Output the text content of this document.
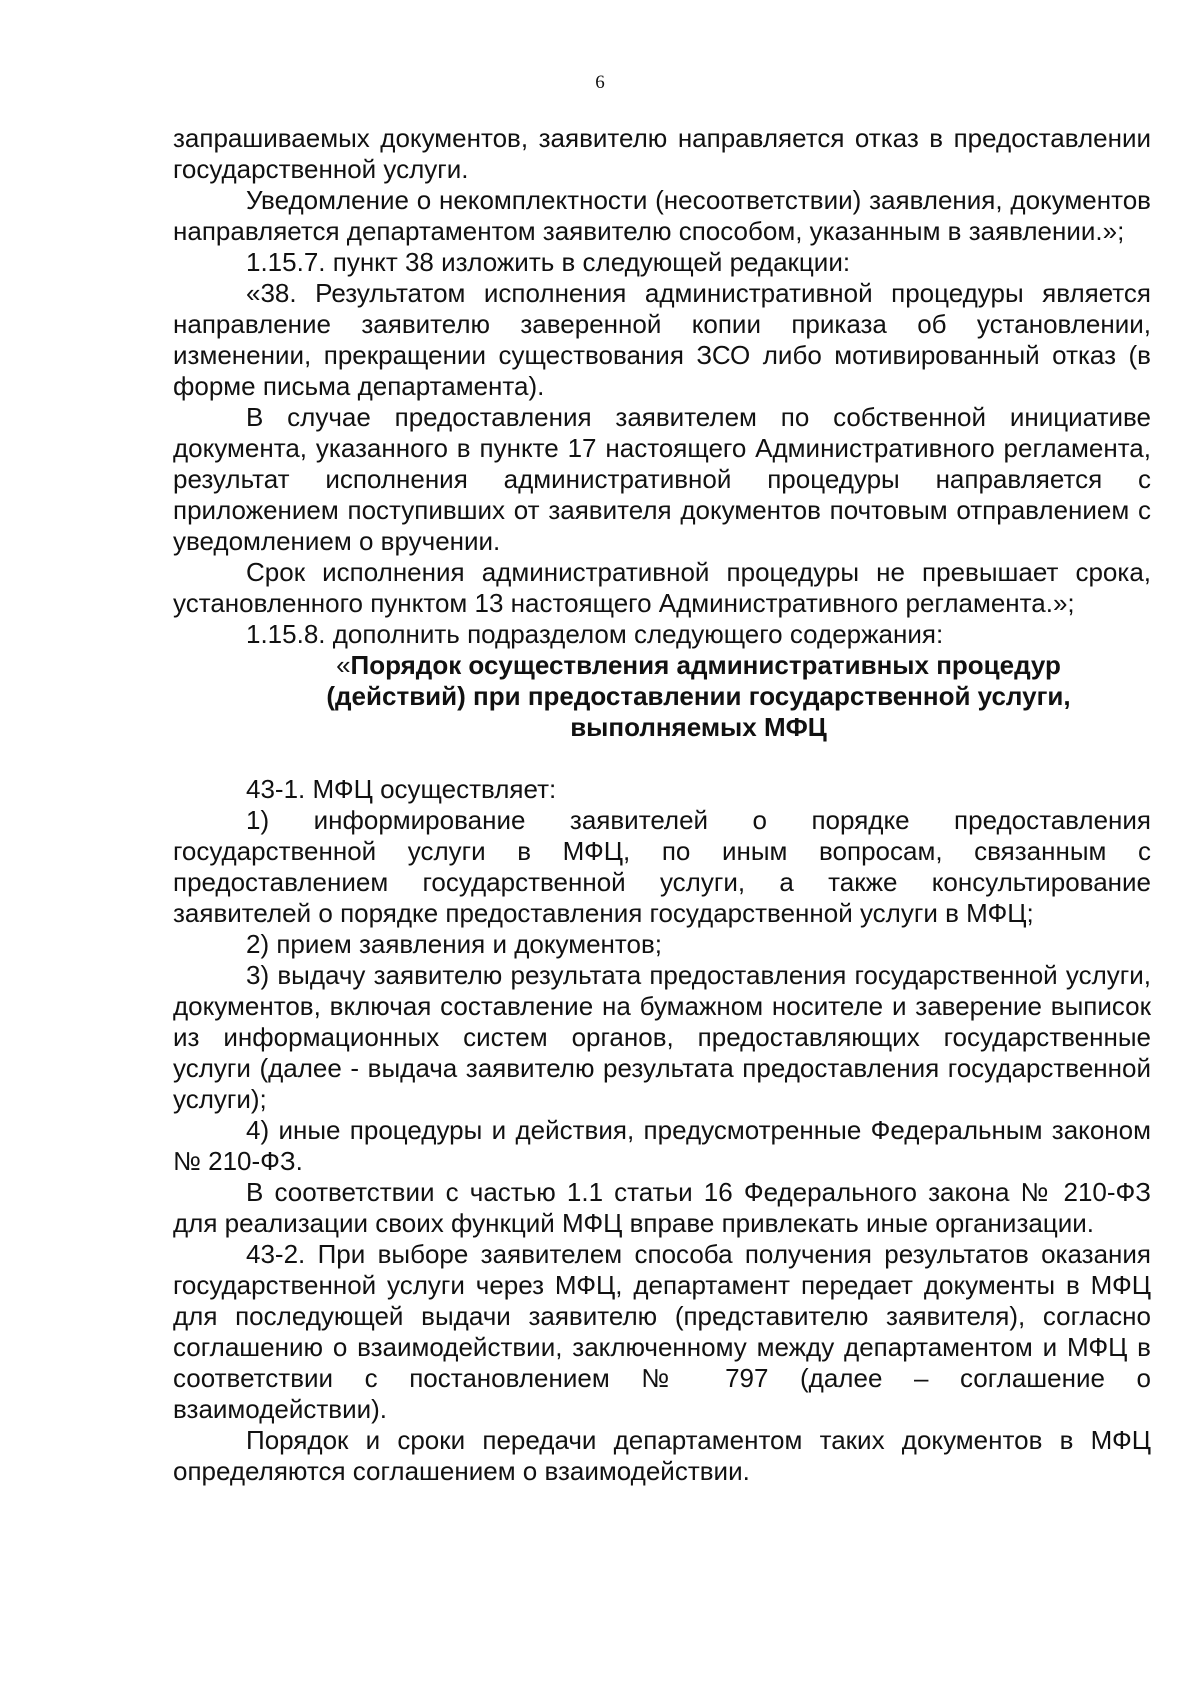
6

запрашиваемых документов, заявителю направляется отказ в предоставлении государственной услуги.

Уведомление о некомплектности (несоответствии) заявления, документов направляется департаментом заявителю способом, указанным в заявлении.»;

1.15.7. пункт 38 изложить в следующей редакции:

«38. Результатом исполнения административной процедуры является направление заявителю заверенной копии приказа об установлении, изменении, прекращении существования ЗСО либо мотивированный отказ (в форме письма департамента).

В случае предоставления заявителем по собственной инициативе документа, указанного в пункте 17 настоящего Административного регламента, результат исполнения административной процедуры направляется с приложением поступивших от заявителя документов почтовым отправлением с уведомлением о вручении.

Срок исполнения административной процедуры не превышает срока, установленного пунктом 13 настоящего Административного регламента.»;

1.15.8. дополнить подразделом следующего содержания:

«Порядок осуществления административных процедур
(действий) при предоставлении государственной услуги,
выполняемых МФЦ

43-1. МФЦ осуществляет:

1) информирование заявителей о порядке предоставления государственной услуги в МФЦ, по иным вопросам, связанным с предоставлением государственной услуги, а также консультирование заявителей о порядке предоставления государственной услуги в МФЦ;

2) прием заявления и документов;

3) выдачу заявителю результата предоставления государственной услуги, документов, включая составление на бумажном носителе и заверение выписок из информационных систем органов, предоставляющих государственные услуги (далее - выдача заявителю результата предоставления государственной услуги);

4) иные процедуры и действия, предусмотренные Федеральным законом № 210-ФЗ.

В соответствии с частью 1.1 статьи 16 Федерального закона № 210-ФЗ для реализации своих функций МФЦ вправе привлекать иные организации.

43-2. При выборе заявителем способа получения результатов оказания государственной услуги через МФЦ, департамент передает документы в МФЦ для последующей выдачи заявителю (представителю заявителя), согласно соглашению о взаимодействии, заключенному между департаментом и МФЦ в соответствии с постановлением № 797 (далее – соглашение о взаимодействии).

Порядок и сроки передачи департаментом таких документов в МФЦ определяются соглашением о взаимодействии.
